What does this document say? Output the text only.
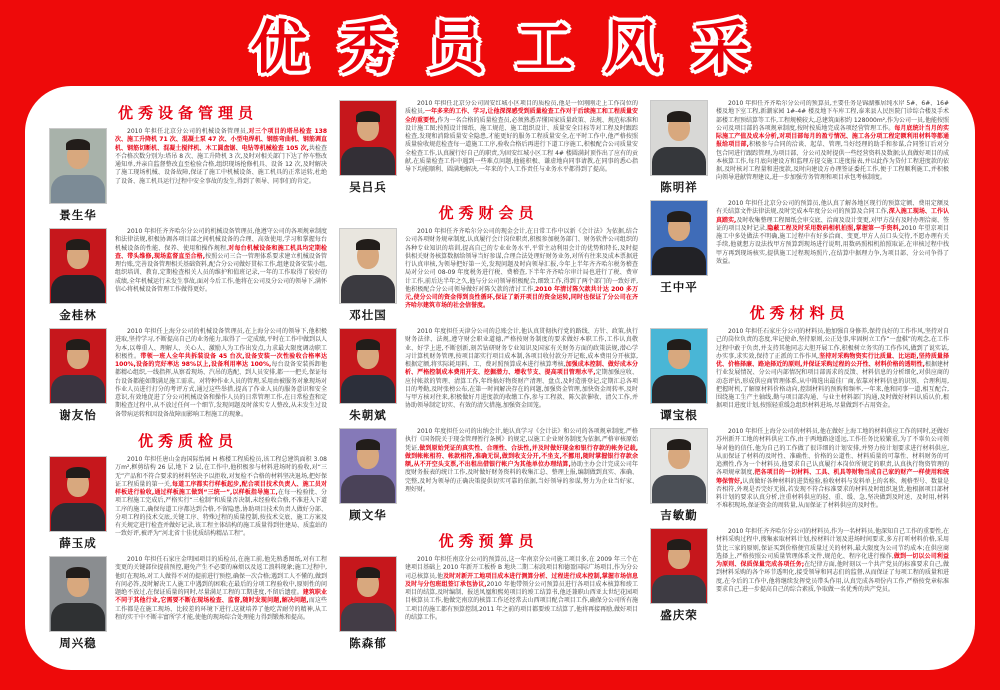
优秀员工风采
优秀设备管理员
景生华

2010 年担任北京分公司的机械设备管理员,对三个项目的塔吊检查 138 次、施工升降机 71 次、混凝土泵 47 次、小型电焊机、钢筋弯曲机、钢筋调直机、钢筋切断机、混凝土搅拌机、木工圆盘锯、电钻等机械检查 105 次,共检查不合格次数分别为:塔吊 8 次、施工升降机 3 次,及时对相关部门下达了停车整改通知单,并亲自监督整改直至检验合格,组织现场抢修机具、设备 12 次,及时解决了施工现场机械、设备故障,保证了施工中机械设备、施工机具的正常运转,杜绝了设备、施工机具运行过程中安全事故的发生,得到了领导、同事们的肯定。

金桂林

2010 年担任齐齐哈尔分公司的机械设备管理员,他遵守公司的各项规章制度和法律法规,积极协调各项目部之间机械设备的合理、高效使用,学习和掌握每台机械设备的性能、保养、使用和操作规程,对每台机械设备和施工机具均定期检查、带头维修,现场监督直至合格,按照公司三合一管理体系要求建立机械设备管理台账,完善设备管理相关基础资料,配合分公司做好贯标工作,组建设备安装小组,组织培训、教育,定期检查相关人员的维护和值班记录,一年的工作取得了较好的成绩,全年机械运行未发生事故,面对今后工作,他将在公司及分公司的领导下,满怀信心将机械设备管理工作做得更好。

谢友怡

2010 年担任上海分公司的机械设备管理员,在上海分公司的领导下,他积极进取,坚持学习,不断提高自己的业务能力,取得了一定成绩,平时在工作中做到以人为本,以尊重人、理解人、关心人、激励人为工作出发点,力求最大限度调动职工积极性。带领一班人全年共拆装设备 45 台次,设备安装一次性验收合格率达 100%,设备的完好率达 98%以上,设备利用率达 100%,每台设备安装拆卸他都精心组织,一线指挥,从察看现场、汽吊的选配、到人员安排,都一一把关,保证每台设备都能如期满足施工需求。对特种作业人员的管理,采用由被服务对象现场对作业人员进行打分的考评方式,通过这些举措,提高了作业人员的服务意识和安全意识,有效地促进了分公司机械设备和操作人员的日常管理工作,在日常检查和定期检查过程中,从不放过任何一个细节,发现问题及时落实专人整改,从未发生过设备带病运转和因设备故障而影响工程施工的现象。

优秀质检员
薛玉成

2010 年担任唐山金海国际怡园 H 栋楼工程质检员,该工程总建筑面积 3.08万m²,框剪结构 26 层,地下 2 层,在工作中,他积极参与材料进场时的验收,对“三无”产品和不符合要求的材料坚决予以拒收,对复检不合格的材料坚决退场,把好保证工程质量的第一关,每道工序都实行样板起步,配合项目技术负责人、施工员对样板进行验收,通过样板施工做到“三统一”,以样板指导施工,在每一检验批、分项工程施工完成后,严格实行“三检制”和质量否决制,未经验收合格,不准进入下道工序的施工,确保每道工序都达到合格,不留隐患,协助项目技术负责人做好分部、分项工程的技术交底,关键工序、特殊过程的质量控制,按技术交底、施工方案及有关规定进行检查并做好记录,该工程主体结构的施工质量得到住建局、质监站的一致好评,被评为“河北省十佳优质结构精品工程”。

周兴稳

2010 年担任石家庄金明园项目的质检员,在施工前,他先熟悉图纸,对有工程变更的关键部位提前预控,避免产生不必要的麻烦以及返工浪料现象;施工过程中,他盯在现场,对工人做得不对的提前进行预控,确保一次合格;遇到工人不懂的,做到有问必答,及时解决工人施工中遇到的困难;在最后的分项工程验收中,原则性的问题绝不放过,在保证质量的同时,尽量满足工程的工期进度,不留后遗症。建筑职业不同于其他行业,它需要不断在现场检查、监督,随时发现问题,解决问题,而这些工作都是在施工现场、比较差的环境下进行,这就培养了他吃苦耐劳的精神,从工程的实干中不断丰富所学才能,使他的现场综合处理能力得到锻炼和提高。

吴吕兵

2010 年担任北京分公司固安红城小区项目的质检员,他是一位刚刚走上工作岗位的质检员,一年多来的工作、学习,让他深深感受到质量检查工作对于后续施工和工程质量安全的重要性,作为一名合格的质量检查员,必须熟悉弄懂国家质量政策、法规、规范标准和设计施工图;按照设计图纸、施工规范、施工组织设计、质量安全目标等对工程及时跟踪检查,发现和消除质量安全隐患,才能更好的服务工程质量安全,在平时工作中,他严格按照质量验收规范检查每一道施工工序,验收合格后再进行下道工序施工,积极配合公司质量安全检查工作,认真履行好自己的职责,为固安红城小区工程 4# 楼圆满封顶作出了应有的贡献,在质量检查工作中遇到一些难点问题,他能积极、谦虚地向同事请教,在同事的悉心指导下均能顺利、圆满地解决,一年来的个人工作责任与业务水平都得到了提高。

优秀财会员
邓壮国

2010 年担任齐齐哈尔分公司的现金会计,在日常工作中以新《会计法》为依据,结合公司各项财务规章制度,认真履行会计岗位职责,积极参加税务部门、财务软件公司组织的各种专业知识的培训,提高自己的专业业务水平,平常主动利用会计的优势和特长,及时提供相关财务核算数据给领导当好参谋,合理合法处理好财务业务,对所有往来及成本票据进行认真审核,为领导把好第一关,发现问题及时向领导汇报,今年上半年齐齐哈尔税务稽查局对分公司 08-09 年度税务进行税、费稽查,下半年齐齐哈尔审计局也进行了税、费审计工作,前后达半年之久,他与分公司领导积极配合,细致工作,得到了两个部门的一致好评,他积极配合分公司领导做好对陈欠款的清讨工作,2010 年清讨陈欠款共计达 200 多万元,使分公司的资金得到良性循环,保证了新开项目的资金运转,同时也保证了分公司在齐齐哈尔建筑市场的社会信誉度。

朱朝斌

2010 年度担任天津分公司的总账会计,他认真贯彻执行党的路线、方针、政策,执行财务法律、法规,遵守财会职业道德,严格按财务制度的要求做好本职工作,工作认真敬业、好学上进,不断创新,刻苦钻研财务专业知识及国家有关财务方面的政策法规,潜心学习计算机财务管理,按项目部实行项目成本制,各项目收付款分开记账,成本费用分开核算,根据定额,将实际耗用料、工、费对照预算成本进行核算考核,加强成本控制、做好成本分析、严格控制成本费用开支、挖掘潜力、增收节支、提高项目管理水平,定期加强应收、应付帐款的管理、清算工作,年终搞好物资财产清理、盘点,及时造册登记,定期汇总各项目的考勤,及时张榜公布,在第一时间解决存在的问题,加强资金管理,加快资金周转率,及时与甲方核对往来,积极做好月进度款的收缴工作,参与工程款、陈欠款催收、清欠工作,并协助领导制定切实、有效的清欠措施,加强资金回笼。

顾文华

2010 年度担任公司的出纳会计,她认真学习《会计法》和公司的各项规章制度,严格执行《国务院关于现金管理暂行条例》的规定,以施工企业财务制度为依据,严格审核原始凭证,做到原始凭证的真实性、合理性、合法性,并及时做好现金和银行存款的帐务记载,做到帐帐相符、帐款相符,准确无误,做到收支分开,不坐支,不挪用,随时掌握银行存款余额,从不开空头支票,不出租出借银行帐户为其他单位办理结算,协助主办会计完成公司年度财务报表的统计工作,及时做好财务资料的收集汇总、整理上报,编制做到真实、准确、完整,及时为领导的正确决策提供切实可靠的依据,当好领导的参谋,努力为企业当好家、理好财。

优秀预算员
陈森郁

2010 年担任南京分公司的预算员,这一年南京分公司施工项目多,在 2009 年三个在建项目基础上 2010 年新开工板桥 B 地块二期二标段项目和德盈国际广场项目,作为分公司总核算员,他及时对新开工地项目成本进行测算分析、过程进行成本控制,掌握市场信息及时与分包班组签订承包协议,2010 年他带领分公司预算员进行各项目成本核算和竣工项目的结算,及时编制、报送凤凰和熙苑项目的竣工结算书,他还兼职山西亚太世纪花园项目核算员工作,他做完南京的核算工作还经常去山西项目配合项目工作,确保分公司所有施工项目的施工都有预算控制,2011 年之前的项目都要竣工结算了,他将再接再励,做好项目的结算工作。

陈明祥

2010 年担任齐齐哈尔分公司的预算员,主要任务是锦湖雅居纯水岸 5#、6#、16# 楼及地下室工程,新潮家园 1#-4# 楼及地下车库工程,泰来县人民医院门诊综合楼及手术部楼工程预结算等工作,工程规模较大,总建筑面积约 128000m²,作为公司一员,他能按照公司及项目部的各项规章制度,按时按质地完成各项经营管理工作。每月底统计当月的实际施工产值及成本分析,对项目部每月的盈亏情况、施工各分项工程定额利用材料等都通报给项目部,积极参与合同的洽谈、起草、管理,当好经理的助手和参谋,合同签订后对分包合同进行跟踪管理,为项目部、分公司及时提供一些经营资料及数据;认真做好项目的成本核算工作,每月底向建设方和监理方提交施工进度报表,并以此作为贷付工程进度款的依据,及时核对工程量和进度款,及时向建设方办理签证委托工作,便于工程顺利施工,并积极向领导进献管理建议,进一步加强劳务管理和项目承包考核制度。

王中平

2010 年担任北京分公司的预算员,他认真了解各地区现行的预算定额、费用定额及有关结算文件法律法规,及时完成本年度分公司的预算及合同工作,深入施工现场、工作认真踏实,及时收集整理工程图纸会审交底、洽商及设计变更,对甲方没有及时办理洽商、签证的项目及时记录,隐蔽工程及时采用数码相机拍照,掌握第一手资料,2010 年望京项目施工中多处做法不明确,施工过程中有好多洽商、变更,甲方人员口头交待,不愿办理有关手续,他就想方设法找甲方预算到现场进行说明,用数码照相机拍照取证,在审核过程中找甲方再到现场核实,提供施工过程现场照片,在结算中据理力争,为项目部、分公司争得了效益。

优秀材料员
谭宝根

2010 年担任石家庄分公司的材料员,他加强自身修养,保持良好的工作作风,坚持对自己的岗位负责的态度,牢记使命,坚持原则,公正处事,牢固树立工作“一盘棋”的观念,在工作过程中敢于负责,并支持其他同志大胆开展工作,积极树立务实的工作作风,做到了说实话,办实事,求实效,保持了正派的工作作风,坚持对采购物资实行比质量、比运距,坚持质量择优、价格择廉、路途择近的原则,并保证采购过程的公开性、材料价格的透明性,根据建材行业发展情况、分公司内部情况和项目部需求的反馈、材料信息的分析细化,对供应商的动态评估,形成供应商管理体系,从中筛选出最佳厂商,依靠对材料信息的识别、合理利用,把握时机,了解原材料价格动向,控制材料的预购和频率,一年来,他和同事一道,相互配合,围绕施工生产主轴线,勤与项目部沟通、与业主材料部门沟通,及时做好材料认质认价,根据项目进度计划,按照轻重缓急组织材料进场,尽量做到不占用资金。

吉敏勤

2010 年担任上海分公司的材料员,他在做好上海工地的材料供应工作的同时,还做好苏州新开工地的材料供应工作,由于两地路途遥远,工作任务比较繁重,为了不辜负公司领导对他的信任,他为自己的工作做了很详细的计划安排,并努力按计划要求进行材料供应,从而保证了材料的及时性、准确性、价格的公道性、材料质量的可靠性、材料财务的可追溯性,作为一个材料员,他要求自己认真履行本岗位所规定的职责,认真执行物资管理的各项规章制度,把各项目的一切材料、工具、机具等财物当成自己家的财产一样使用和统筹保管好,认真做好各种材料的进货检验,验收材料与发料单上的名称、规格型号、数量是否相符,外观是否完好无损,若发现不符合标准要求的材料及时组织退货,他根据项目部材料计划的要求认真分析,注重材料供应的轻、重、缓、急,坚决做到及时送、及时用,材料不堆积现场,保证资金的周转量,从而保证了材料供应的及时性。

盛庆荣

2010 年担任齐齐哈尔分公司的材料员,作为一名材料员,他深知自己工作的重要性,在材料采购过程中,搜集索取材料计划,按材料计划及进场时间要求,多方打听材料价格,采用货比三家的原则,保证买到价格便宜质量过关的材料,最大限度为公司节约成本;在供应商选择上,严格按照公司质量管理体系文件,规范化、程序化进行操作,做到一切以公司利益为原则、保质保量完成各项任务;在纪律方面,他时刻以一个共产党员的标准要求自己,做到材料采购的各个环节透明化,接受领导和同志们的监督,从而保证了每项工程的质量和进度,在今后的工作中,他将继续发挥党员带头作用,认真完成各项份内工作,严格按党章标准要求自己,进一步提高自己的综合素质,争取做一名优秀的共产党员。
